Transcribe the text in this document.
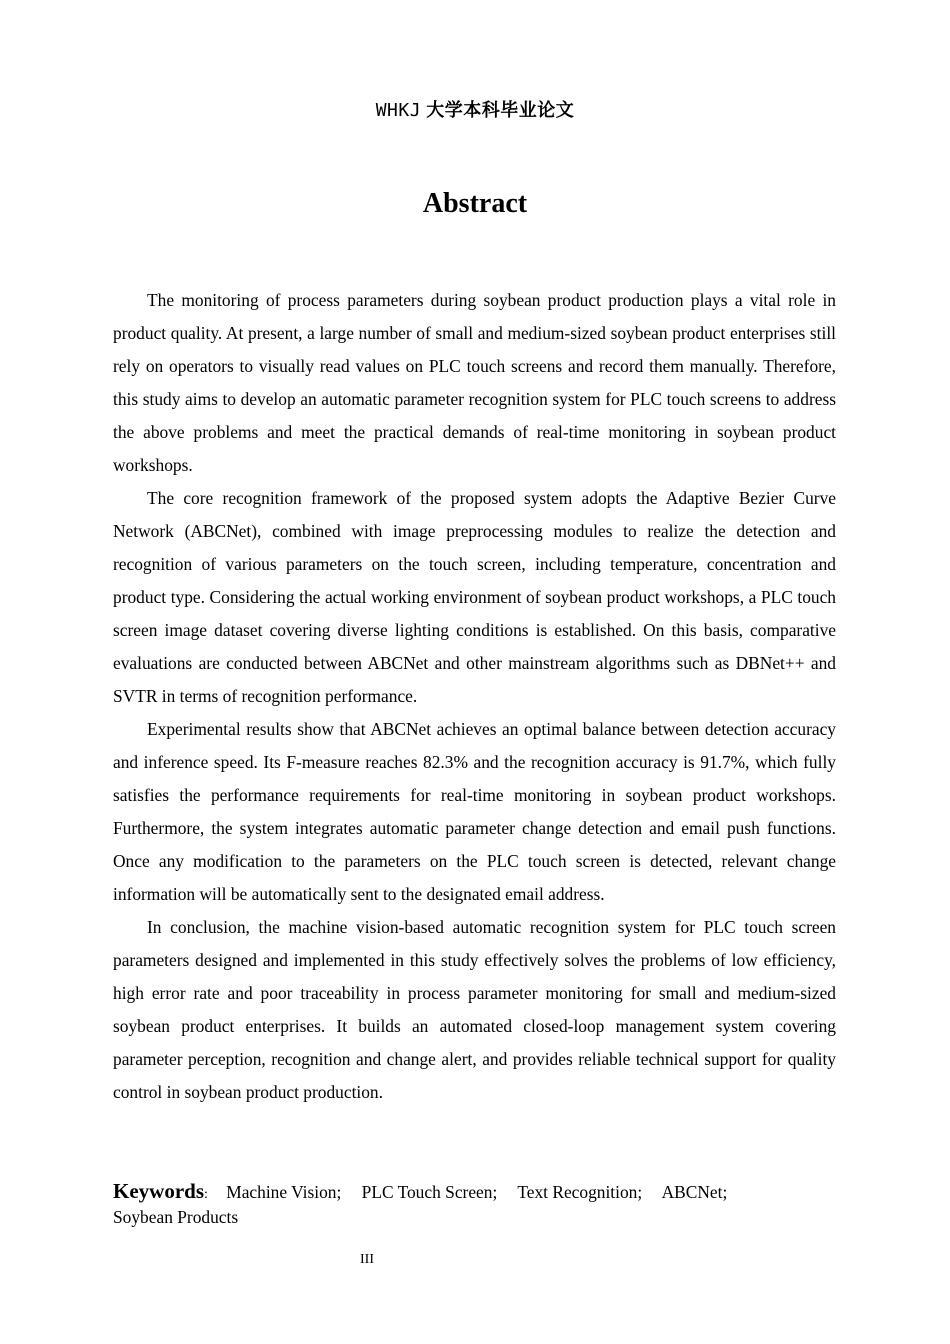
WHKJ 大学本科毕业论文
Abstract

The monitoring of process parameters during soybean product production plays a vital role in product quality. At present, a large number of small and medium-sized soybean product enterprises still rely on operators to visually read values on PLC touch screens and record them manually. Therefore, this study aims to develop an automatic parameter recognition system for PLC touch screens to address the above problems and meet the practical demands of real-time monitoring in soybean product workshops.

The core recognition framework of the proposed system adopts the Adaptive Bezier Curve Network (ABCNet), combined with image preprocessing modules to realize the detection and recognition of various parameters on the touch screen, including temperature, concentration and product type. Considering the actual working environment of soybean product workshops, a PLC touch screen image dataset covering diverse lighting conditions is established. On this basis, comparative evaluations are conducted between ABCNet and other mainstream algorithms such as DBNet++ and SVTR in terms of recognition performance.

Experimental results show that ABCNet achieves an optimal balance between detection accuracy and inference speed. Its F-measure reaches 82.3% and the recognition accuracy is 91.7%, which fully satisfies the performance requirements for real-time monitoring in soybean product workshops. Furthermore, the system integrates automatic parameter change detection and email push functions. Once any modification to the parameters on the PLC touch screen is detected, relevant change information will be automatically sent to the designated email address.

In conclusion, the machine vision-based automatic recognition system for PLC touch screen parameters designed and implemented in this study effectively solves the problems of low efficiency, high error rate and poor traceability in process parameter monitoring for small and medium-sized soybean product enterprises. It builds an automated closed-loop management system covering parameter perception, recognition and change alert, and provides reliable technical support for quality control in soybean product production.

Keywords: Machine Vision; PLC Touch Screen; Text Recognition; ABCNet;
Soybean Products
III
